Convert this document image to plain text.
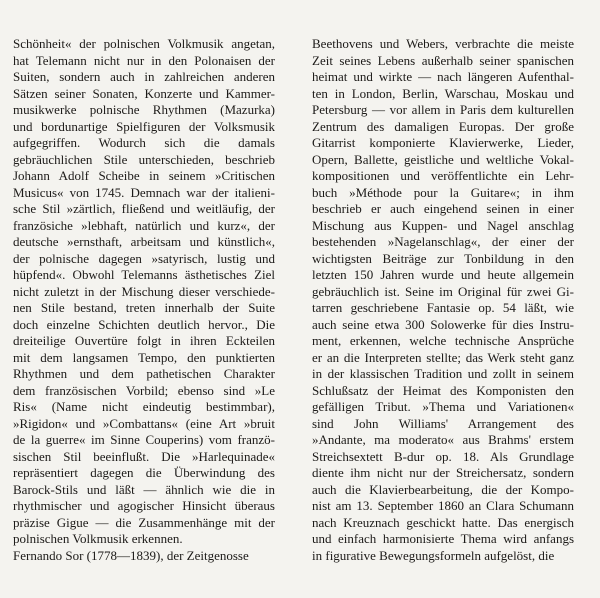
Schönheit« der polnischen Volkmusik angetan,
hat Telemann nicht nur in den Polonaisen der
Suiten, sondern auch in zahlreichen anderen
Sätzen seiner Sonaten, Konzerte und Kammer-
musikwerke polnische Rhythmen (Mazurka)
und bordunartige Spielfiguren der Volksmusik
aufgegriffen. Wodurch sich die damals
gebräuchlichen Stile unterschieden, beschrieb
Johann Adolf Scheibe in seinem »Critischen
Musicus« von 1745. Demnach war der italieni-
sche Stil »zärtlich, fließend und weitläufig, der
französiche »lebhaft, natürlich und kurz«, der
deutsche »ernsthaft, arbeitsam und künstlich«,
der polnische dagegen »satyrisch, lustig und
hüpfend«. Obwohl Telemanns ästhetisches Ziel
nicht zuletzt in der Mischung dieser verschiede-
nen Stile bestand, treten innerhalb der Suite
doch einzelne Schichten deutlich hervor., Die
dreiteilige Ouvertüre folgt in ihren Eckteilen
mit dem langsamen Tempo, den punktierten
Rhythmen und dem pathetischen Charakter
dem französischen Vorbild; ebenso sind »Le
Ris« (Name nicht eindeutig bestimmbar),
»Rigidon« und »Combattans« (eine Art »bruit
de la guerre« im Sinne Couperins) vom franzö-
sischen Stil beeinflußt. Die »Harlequinade«
repräsentiert dagegen die Überwindung des
Barock-Stils und läßt — ähnlich wie die in
rhythmischer und agogischer Hinsicht überaus
präzise Gigue — die Zusammenhänge mit der
polnischen Volkmusik erkennen.
Fernando Sor (1778—1839), der Zeitgenosse
Beethovens und Webers, verbrachte die meiste
Zeit seines Lebens außerhalb seiner spanischen
heimat und wirkte — nach längeren Aufenthal-
ten in London, Berlin, Warschau, Moskau und
Petersburg — vor allem in Paris dem kulturellen
Zentrum des damaligen Europas. Der große
Gitarrist komponierte Klavierwerke, Lieder,
Opern, Ballette, geistliche und weltliche Vokal-
kompositionen und veröffentlichte ein Lehr-
buch »Méthode pour la Guitare«; in ihm
beschrieb er auch eingehend seinen in einer
Mischung aus Kuppen- und Nagel anschlag
bestehenden »Nagelanschlag«, der einer der
wichtigsten Beiträge zur Tonbildung in den
letzten 150 Jahren wurde und heute allgemein
gebräuchlich ist. Seine im Original für zwei Gi-
tarren geschriebene Fantasie op. 54 läßt, wie
auch seine etwa 300 Solowerke für dies Instru-
ment, erkennen, welche technische Ansprüche
er an die Interpreten stellte; das Werk steht ganz
in der klassischen Tradition und zollt in seinem
Schlußsatz der Heimat des Komponisten den
gefälligen Tribut. »Thema und Variationen«
sind John Williams' Arrangement des
»Andante, ma moderato« aus Brahms' erstem
Streichsextett B-dur op. 18. Als Grundlage
diente ihm nicht nur der Streichersatz, sondern
auch die Klavierbearbeitung, die der Kompo-
nist am 13. September 1860 an Clara Schumann
nach Kreuznach geschickt hatte. Das energisch
und einfach harmonisierte Thema wird anfangs
in figurative Bewegungsformeln aufgelöst, die
